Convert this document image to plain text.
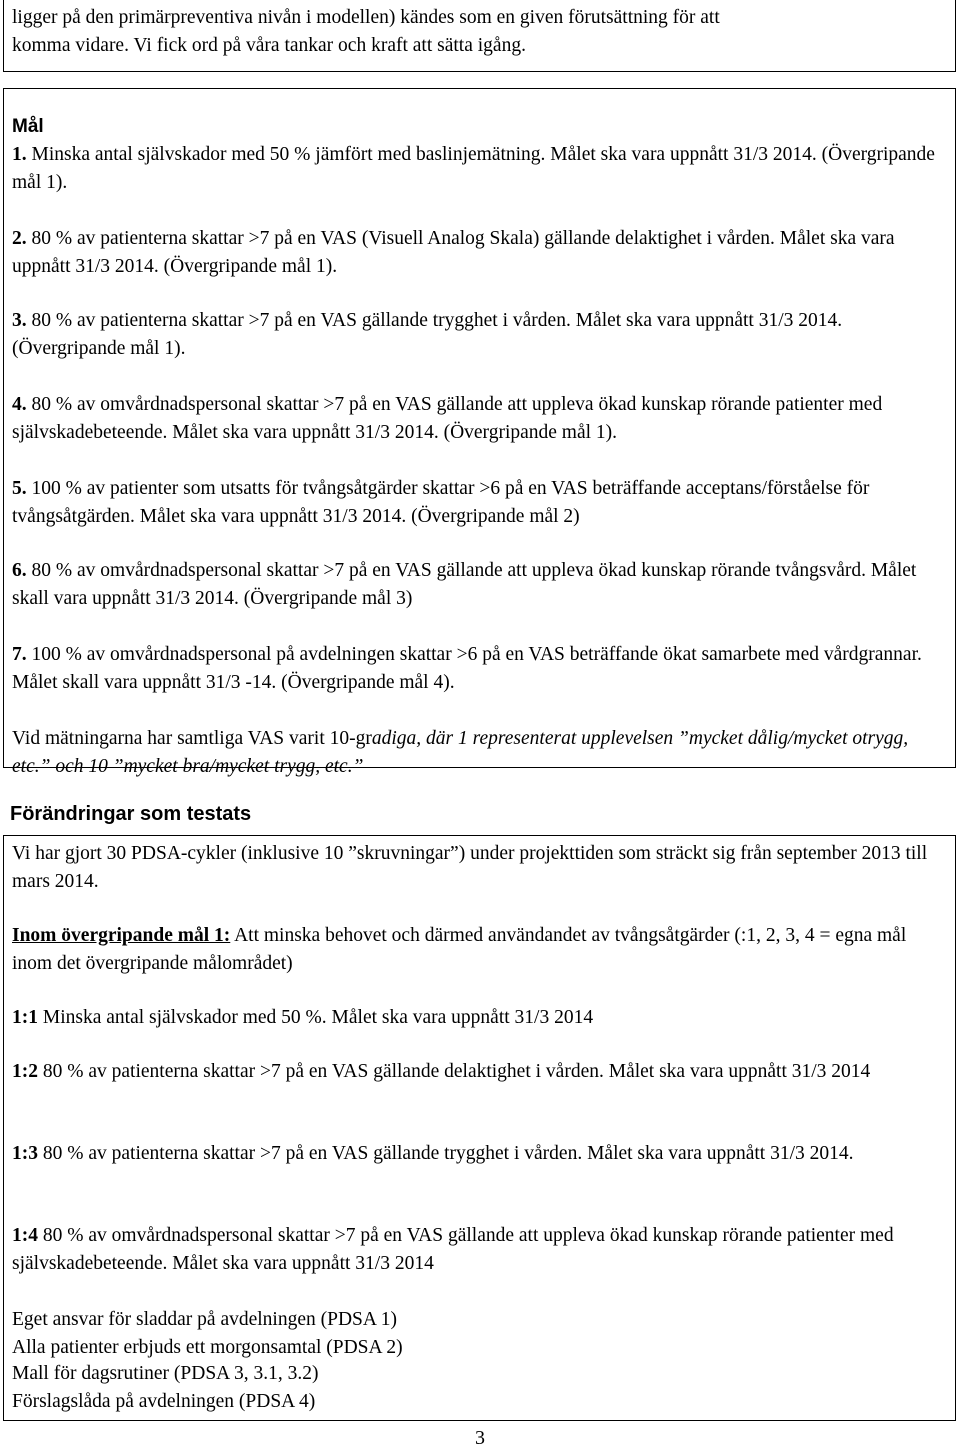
ligger på den primärpreventiva nivån i modellen) kändes som en given förutsättning för att

komma vidare. Vi fick ord på våra tankar och kraft att sätta igång.

Mål

1. Minska antal självskador med 50 % jämfört med baslinjemätning. Målet ska vara uppnått 31/3 2014. (Övergripande mål 1).

2. 80 % av patienterna skattar >7 på en VAS (Visuell Analog Skala) gällande delaktighet i vården. Målet ska vara uppnått 31/3 2014. (Övergripande mål 1).

3. 80 % av patienterna skattar >7 på en VAS gällande trygghet i vården. Målet ska vara uppnått 31/3 2014. (Övergripande mål 1).

4. 80 % av omvårdnadspersonal skattar >7 på en VAS gällande att uppleva ökad kunskap rörande patienter med självskadebeteende. Målet ska vara uppnått 31/3 2014. (Övergripande mål 1).

5. 100 % av patienter som utsatts för tvångsåtgärder skattar >6 på en VAS beträffande acceptans/förståelse för tvångsåtgärden. Målet ska vara uppnått 31/3 2014. (Övergripande mål 2)

6. 80 % av omvårdnadspersonal skattar >7 på en VAS gällande att uppleva ökad kunskap rörande tvångsvård. Målet skall vara uppnått 31/3 2014. (Övergripande mål 3)

7. 100 % av omvårdnadspersonal på avdelningen skattar >6 på en VAS beträffande ökat samarbete med vårdgrannar. Målet skall vara uppnått 31/3 -14. (Övergripande mål 4).

Vid mätningarna har samtliga VAS varit 10-gradiga, där 1 representerat upplevelsen ”mycket dålig/mycket otrygg, etc.” och 10 ”mycket bra/mycket trygg, etc.”

Förändringar som testats

Vi har gjort 30 PDSA-cykler (inklusive 10 ”skruvningar”) under projekttiden som sträckt sig från september 2013 till mars 2014.

Inom övergripande mål 1: Att minska behovet och därmed användandet av tvångsåtgärder (:1, 2, 3, 4 = egna mål inom det övergripande målområdet)

1:1 Minska antal självskador med 50 %. Målet ska vara uppnått 31/3 2014

1:2 80 % av patienterna skattar >7 på en VAS gällande delaktighet i vården. Målet ska vara uppnått 31/3 2014

1:3 80 % av patienterna skattar >7 på en VAS gällande trygghet i vården. Målet ska vara uppnått 31/3 2014.

1:4 80 % av omvårdnadspersonal skattar >7 på en VAS gällande att uppleva ökad kunskap rörande patienter med självskadebeteende. Målet ska vara uppnått 31/3 2014

Eget ansvar för sladdar på avdelningen (PDSA 1)

Alla patienter erbjuds ett morgonsamtal (PDSA 2)

Mall för dagsrutiner (PDSA 3, 3.1, 3.2)

Förslagslåda på avdelningen (PDSA 4)

3
